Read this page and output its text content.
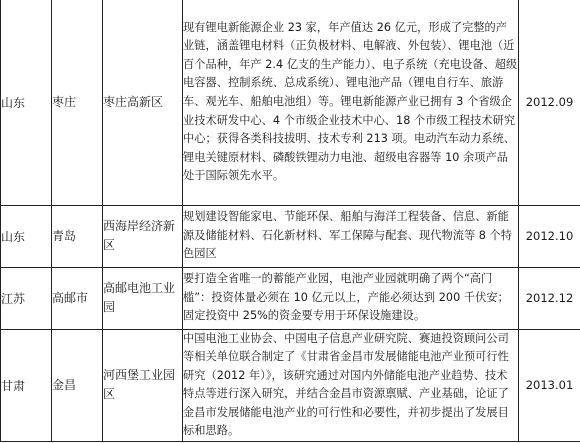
山东	枣庄	枣庄高新区	现有锂电新能源企业 23 家，年产值达 26 亿元，形成了完整的产业链，涵盖锂电材料（正负极材料、电解液、外包装）、锂电池（近百个品种，年产 2.4 亿支的生产能力）、电子系统（充电设备、超级电容器、控制系统、总成系统）、锂电池产品（锂电自行车、旅游车、观光车、船舶电池组）等。锂电新能源产业已拥有 3 个省级企业技术研发中心、4 个市级企业技术中心、18 个市级工程技术研究中心；获得各类科技拔明、技术专利 213 项。电动汽车动力系统、锂电关键原材料、磷酸铁锂动力电池、超级电容器等 10 余项产品处于国际领先水平。	2012.09
山东	青岛	西海岸经济新区	规划建设智能家电、节能环保、船舶与海洋工程装备、信息、新能源及储能材料、石化新材料、军工保障与配套、现代物流等 8 个特色园区	2012.10
江苏	高邮市	高邮电池工业园	要打造全省唯一的蓄能产业园，电池产业园就明确了两个“高门槛”：投资体量必须在 10 亿元以上，产能必须达到 200 千伏安；固定投资中 25%的资金要专用于环保设施建设。	2012.12
甘肃	金昌	河西堡工业园区	中国电池工业协会、中国电子信息产业研究院、赛迪投资顾问公司等相关单位联合制定了《甘肃省金昌市发展储能电池产业预可行性研究（2012 年）》，该研究通过对国内外储能电池产业趋势、技术特点等进行深入研究，并结合金昌市资源禀赋、产业基础，论证了金昌市发展储能电池产业的可行性和必要性，并初步提出了发展目标和思路。	2013.01
